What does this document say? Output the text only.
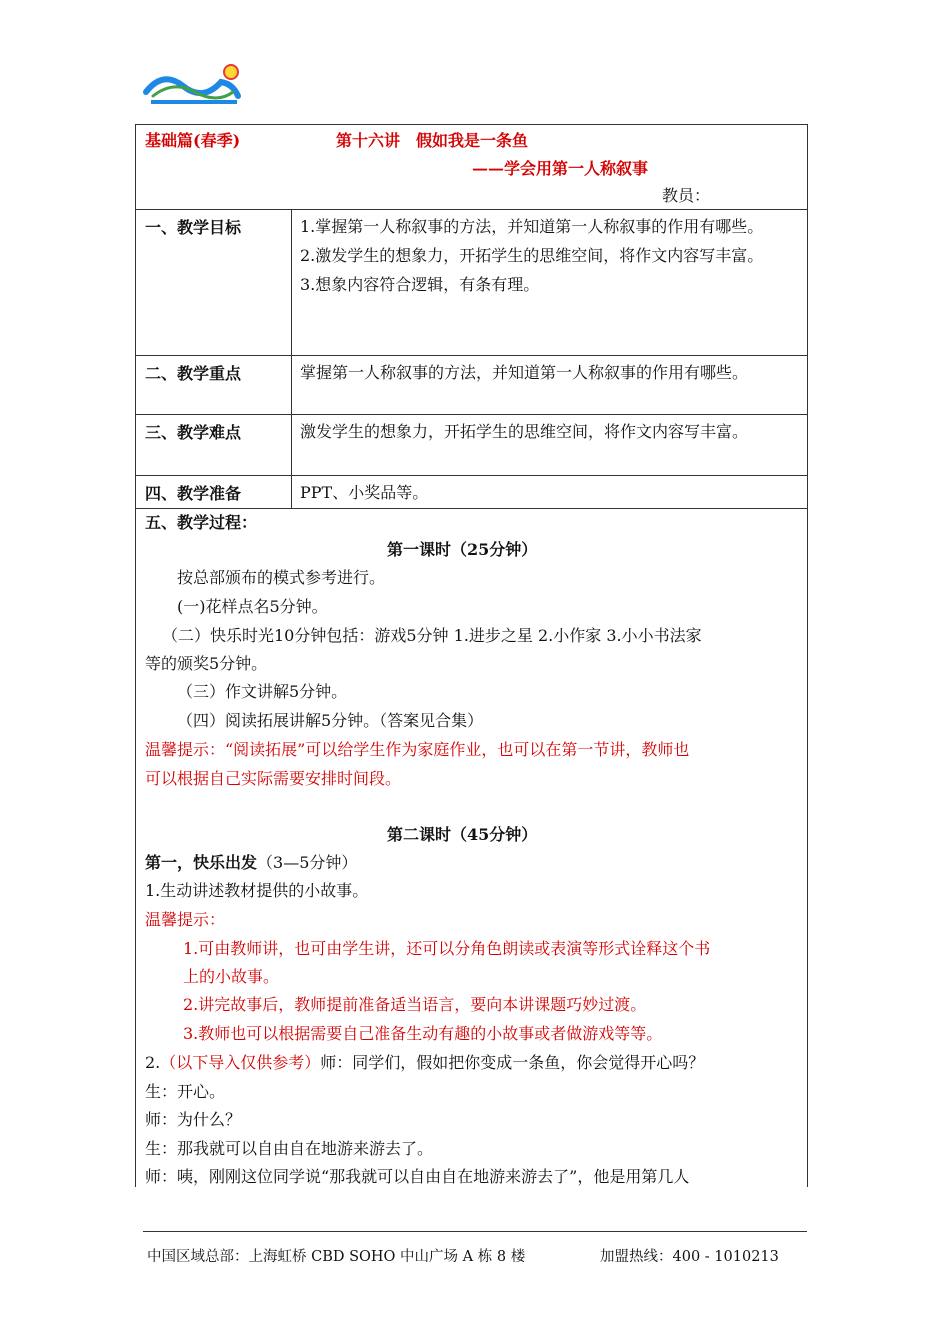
基础篇(春季)	第十六讲　假如我是一条鱼
——学会用第一人称叙事
教员：
一、教学目标	1.掌握第一人称叙事的方法，并知道第一人称叙事的作用有哪些。
2.激发学生的想象力，开拓学生的思维空间，将作文内容写丰富。
3.想象内容符合逻辑，有条有理。
二、教学重点	掌握第一人称叙事的方法，并知道第一人称叙事的作用有哪些。
三、教学难点	激发学生的想象力，开拓学生的思维空间，将作文内容写丰富。
四、教学准备	PPT、小奖品等。
五、教学过程：
第一课时（25分钟）
按总部颁布的模式参考进行。
(一)花样点名5分钟。
（二）快乐时光10分钟包括：游戏5分钟 1.进步之星 2.小作家 3.小小书法家
等的颁奖5分钟。
（三）作文讲解5分钟。
（四）阅读拓展讲解5分钟。（答案见合集）
温馨提示：“阅读拓展”可以给学生作为家庭作业，也可以在第一节讲，教师也
可以根据自己实际需要安排时间段。
第二课时（45分钟）
第一，快乐出发（3—5分钟）
1.生动讲述教材提供的小故事。
温馨提示：
1.可由教师讲，也可由学生讲，还可以分角色朗读或表演等形式诠释这个书
上的小故事。
2.讲完故事后，教师提前准备适当语言，要向本讲课题巧妙过渡。
3.教师也可以根据需要自己准备生动有趣的小故事或者做游戏等等。
2.（以下导入仅供参考）师：同学们，假如把你变成一条鱼，你会觉得开心吗？
生：开心。
师：为什么？
生：那我就可以自由自在地游来游去了。
师：咦，刚刚这位同学说“那我就可以自由自在地游来游去了”，他是用第几人
中国区域总部：上海虹桥 CBD SOHO 中山广场 A 栋 8 楼	加盟热线：400 - 1010213
